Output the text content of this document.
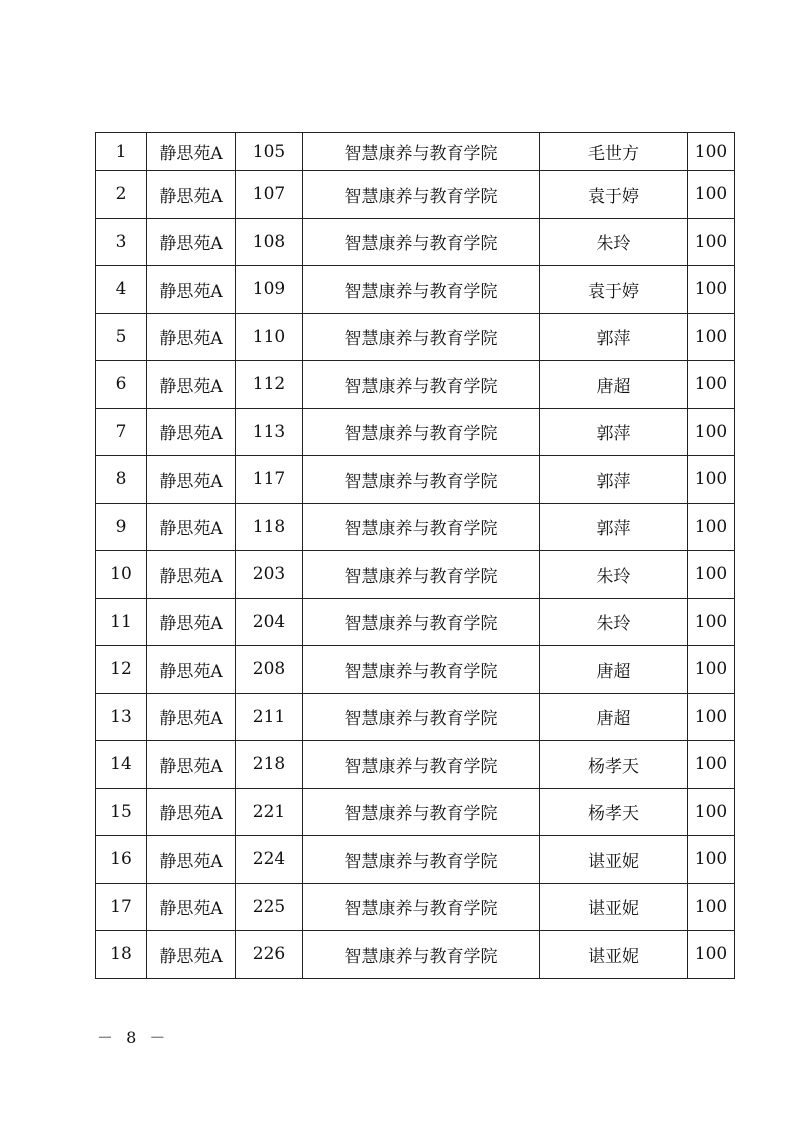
1	静思苑A	105	智慧康养与教育学院	毛世方	100
2	静思苑A	107	智慧康养与教育学院	袁于婷	100
3	静思苑A	108	智慧康养与教育学院	朱玲	100
4	静思苑A	109	智慧康养与教育学院	袁于婷	100
5	静思苑A	110	智慧康养与教育学院	郭萍	100
6	静思苑A	112	智慧康养与教育学院	唐超	100
7	静思苑A	113	智慧康养与教育学院	郭萍	100
8	静思苑A	117	智慧康养与教育学院	郭萍	100
9	静思苑A	118	智慧康养与教育学院	郭萍	100
10	静思苑A	203	智慧康养与教育学院	朱玲	100
11	静思苑A	204	智慧康养与教育学院	朱玲	100
12	静思苑A	208	智慧康养与教育学院	唐超	100
13	静思苑A	211	智慧康养与教育学院	唐超	100
14	静思苑A	218	智慧康养与教育学院	杨孝天	100
15	静思苑A	221	智慧康养与教育学院	杨孝天	100
16	静思苑A	224	智慧康养与教育学院	谌亚妮	100
17	静思苑A	225	智慧康养与教育学院	谌亚妮	100
18	静思苑A	226	智慧康养与教育学院	谌亚妮	100
－ 8 －
